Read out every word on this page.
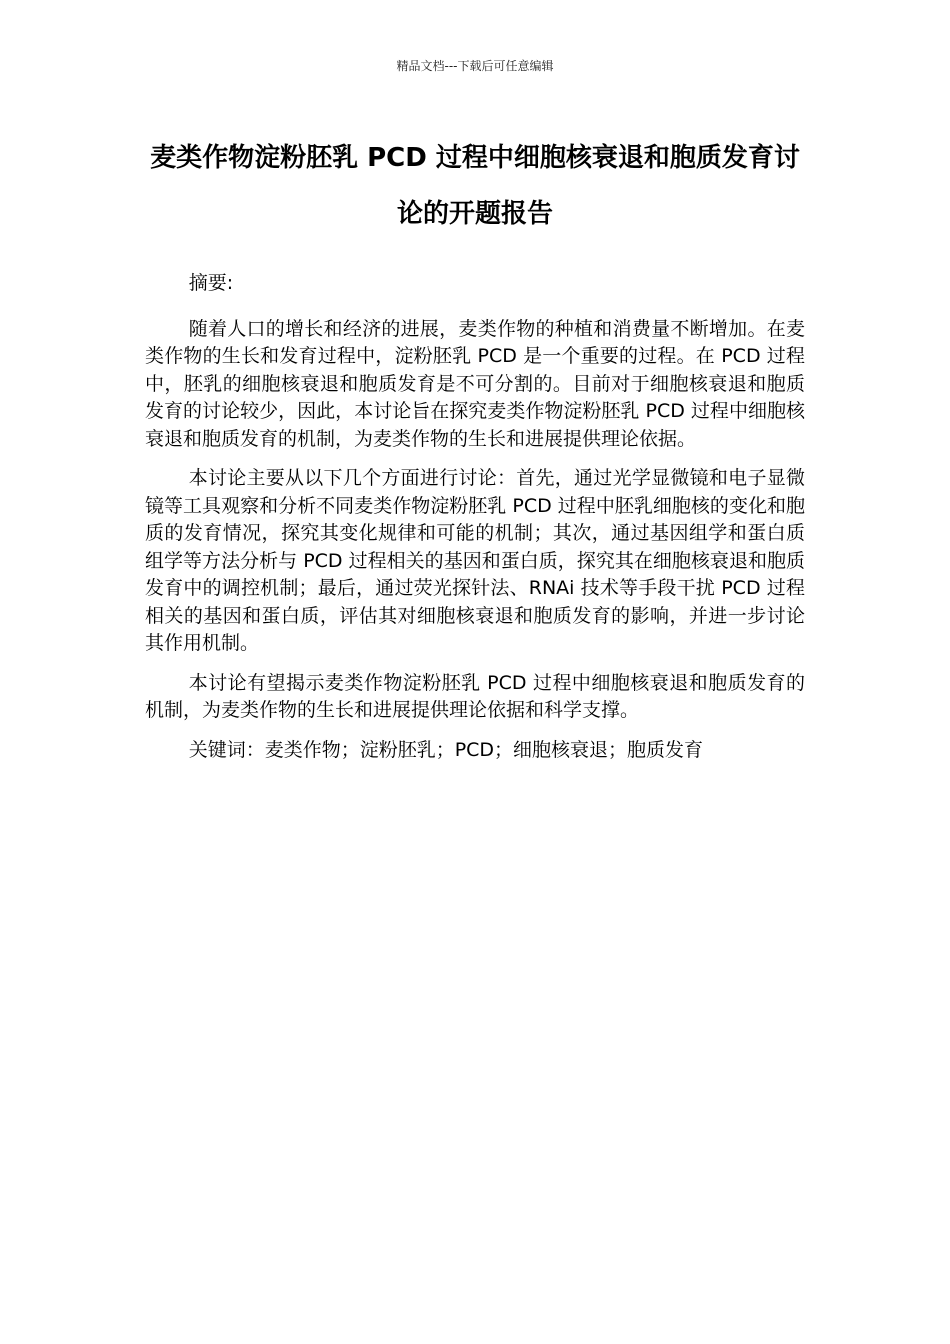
精品文档---下载后可任意编辑
麦类作物淀粉胚乳 PCD 过程中细胞核衰退和胞质发育讨论的开题报告

摘要:

随着人口的增长和经济的进展，麦类作物的种植和消费量不断增加。在麦类作物的生长和发育过程中，淀粉胚乳 PCD 是一个重要的过程。在 PCD 过程中，胚乳的细胞核衰退和胞质发育是不可分割的。目前对于细胞核衰退和胞质发育的讨论较少，因此，本讨论旨在探究麦类作物淀粉胚乳 PCD 过程中细胞核衰退和胞质发育的机制，为麦类作物的生长和进展提供理论依据。

本讨论主要从以下几个方面进行讨论：首先，通过光学显微镜和电子显微镜等工具观察和分析不同麦类作物淀粉胚乳 PCD 过程中胚乳细胞核的变化和胞质的发育情况，探究其变化规律和可能的机制；其次，通过基因组学和蛋白质组学等方法分析与 PCD 过程相关的基因和蛋白质，探究其在细胞核衰退和胞质发育中的调控机制；最后，通过荧光探针法、RNAi 技术等手段干扰 PCD 过程相关的基因和蛋白质，评估其对细胞核衰退和胞质发育的影响，并进一步讨论其作用机制。

本讨论有望揭示麦类作物淀粉胚乳 PCD 过程中细胞核衰退和胞质发育的机制，为麦类作物的生长和进展提供理论依据和科学支撑。

关键词：麦类作物；淀粉胚乳；PCD；细胞核衰退；胞质发育
